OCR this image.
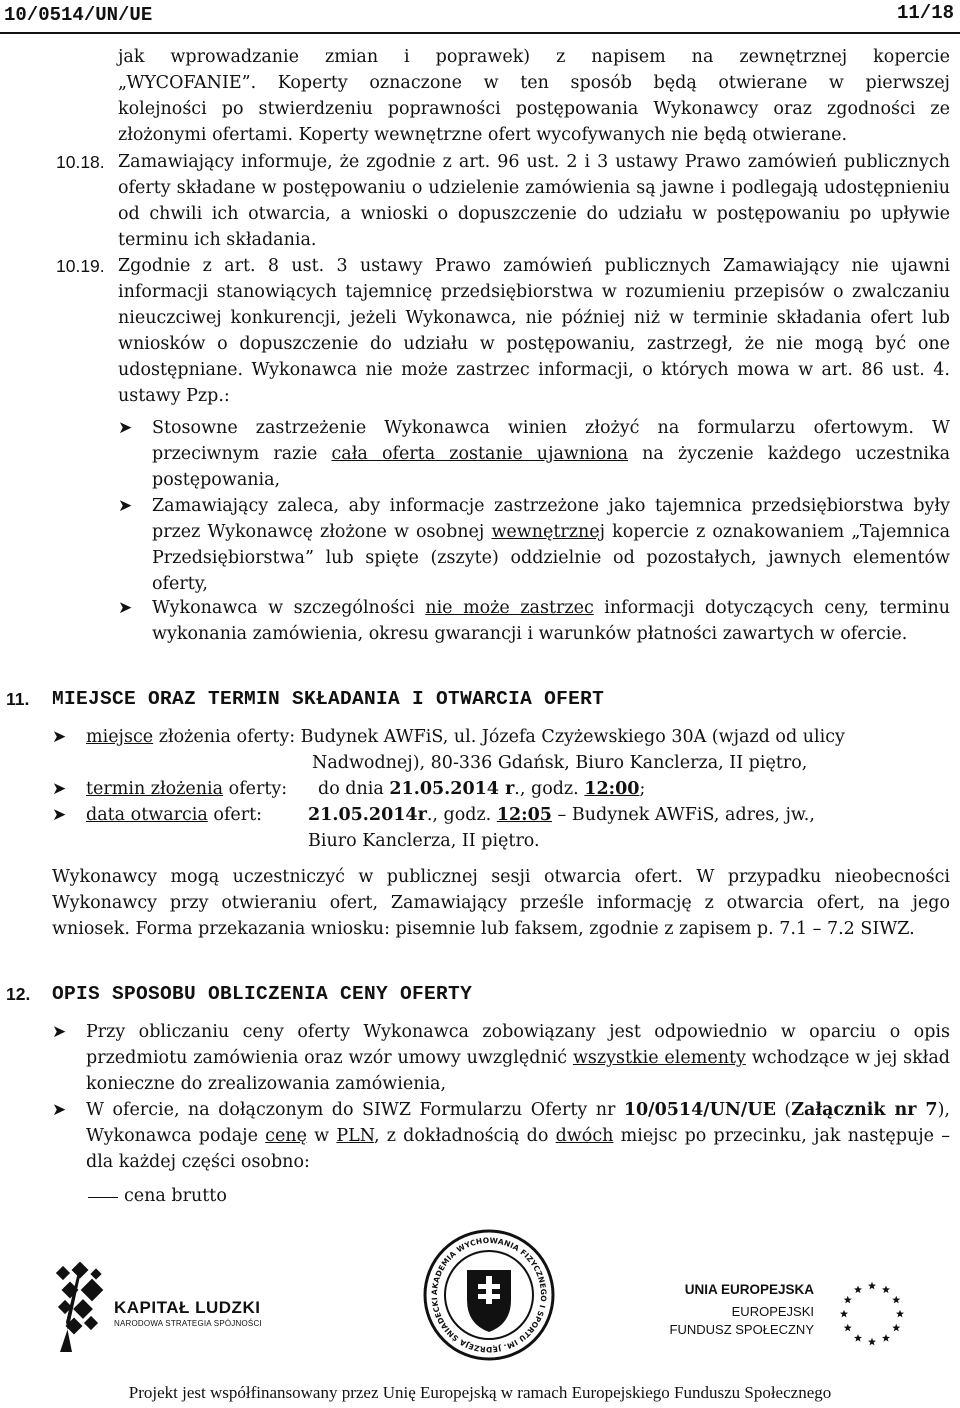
10/0514/UN/UE	11/18
jak wprowadzanie zmian i poprawek) z napisem na zewnętrznej kopercie
„WYCOFANIE”. Koperty oznaczone w ten sposób będą otwierane w pierwszej
kolejności po stwierdzeniu poprawności postępowania Wykonawcy oraz zgodności ze
złożonymi ofertami. Koperty wewnętrzne ofert wycofywanych nie będą otwierane.
10.18. Zamawiający informuje, że zgodnie z art. 96 ust. 2 i 3 ustawy Prawo zamówień publicznych oferty składane w postępowaniu o udzielenie zamówienia są jawne i podlegają udostępnieniu od chwili ich otwarcia, a wnioski o dopuszczenie do udziału w postępowaniu po upływie terminu ich składania.
10.19. Zgodnie z art. 8 ust. 3 ustawy Prawo zamówień publicznych Zamawiający nie ujawni informacji stanowiących tajemnicę przedsiębiorstwa w rozumieniu przepisów o zwalczaniu nieuczciwej konkurencji, jeżeli Wykonawca, nie później niż w terminie składania ofert lub wniosków o dopuszczenie do udziału w postępowaniu, zastrzegł, że nie mogą być one udostępniane. Wykonawca nie może zastrzec informacji, o których mowa w art. 86 ust. 4. ustawy Pzp.:
➤ Stosowne zastrzeżenie Wykonawca winien złożyć na formularzu ofertowym. W przeciwnym razie cała oferta zostanie ujawniona na życzenie każdego uczestnika postępowania,
➤ Zamawiający zaleca, aby informacje zastrzeżone jako tajemnica przedsiębiorstwa były przez Wykonawcę złożone w osobnej wewnętrznej kopercie z oznakowaniem „Tajemnica Przedsiębiorstwa” lub spięte (zszyte) oddzielnie od pozostałych, jawnych elementów oferty,
➤ Wykonawca w szczególności nie może zastrzec informacji dotyczących ceny, terminu wykonania zamówienia, okresu gwarancji i warunków płatności zawartych w ofercie.
11. MIEJSCE ORAZ TERMIN SKŁADANIA I OTWARCIA OFERT
➤ miejsce złożenia oferty: Budynek AWFiS, ul. Józefa Czyżewskiego 30A (wjazd od ulicy
Nadwodnej), 80-336 Gdańsk, Biuro Kanclerza, II piętro,
➤ termin złożenia oferty: do dnia 21.05.2014 r., godz. 12:00;
➤ data otwarcia ofert:	21.05.2014r., godz. 12:05 – Budynek AWFiS, adres, jw.,
Biuro Kanclerza, II piętro.
Wykonawcy mogą uczestniczyć w publicznej sesji otwarcia ofert. W przypadku nieobecności Wykonawcy przy otwieraniu ofert, Zamawiający prześle informację z otwarcia ofert, na jego wniosek. Forma przekazania wniosku: pisemnie lub faksem, zgodnie z zapisem p. 7.1 – 7.2 SIWZ.
12. OPIS SPOSOBU OBLICZENIA CENY OFERTY
➤ Przy obliczaniu ceny oferty Wykonawca zobowiązany jest odpowiednio w oparciu o opis przedmiotu zamówienia oraz wzór umowy uwzględnić wszystkie elementy wchodzące w jej skład konieczne do zrealizowania zamówienia,
➤ W ofercie, na dołączonym do SIWZ Formularzu Oferty nr 10/0514/UN/UE (Załącznik nr 7), Wykonawca podaje cenę w PLN, z dokładnością do dwóch miejsc po przecinku, jak następuje – dla każdej części osobno:
cena brutto
KAPITAŁ LUDZKI
NARODOWA STRATEGIA SPÓJNOŚCI
AKADEMIA WYCHOWANIA FIZYCZNEGO I SPORTU IM. JĘDRZEJA ŚNIADECKI
UNIA EUROPEJSKA
EUROPEJSKI
FUNDUSZ SPOŁECZNY
Projekt jest współfinansowany przez Unię Europejską w ramach Europejskiego Funduszu Społecznego
